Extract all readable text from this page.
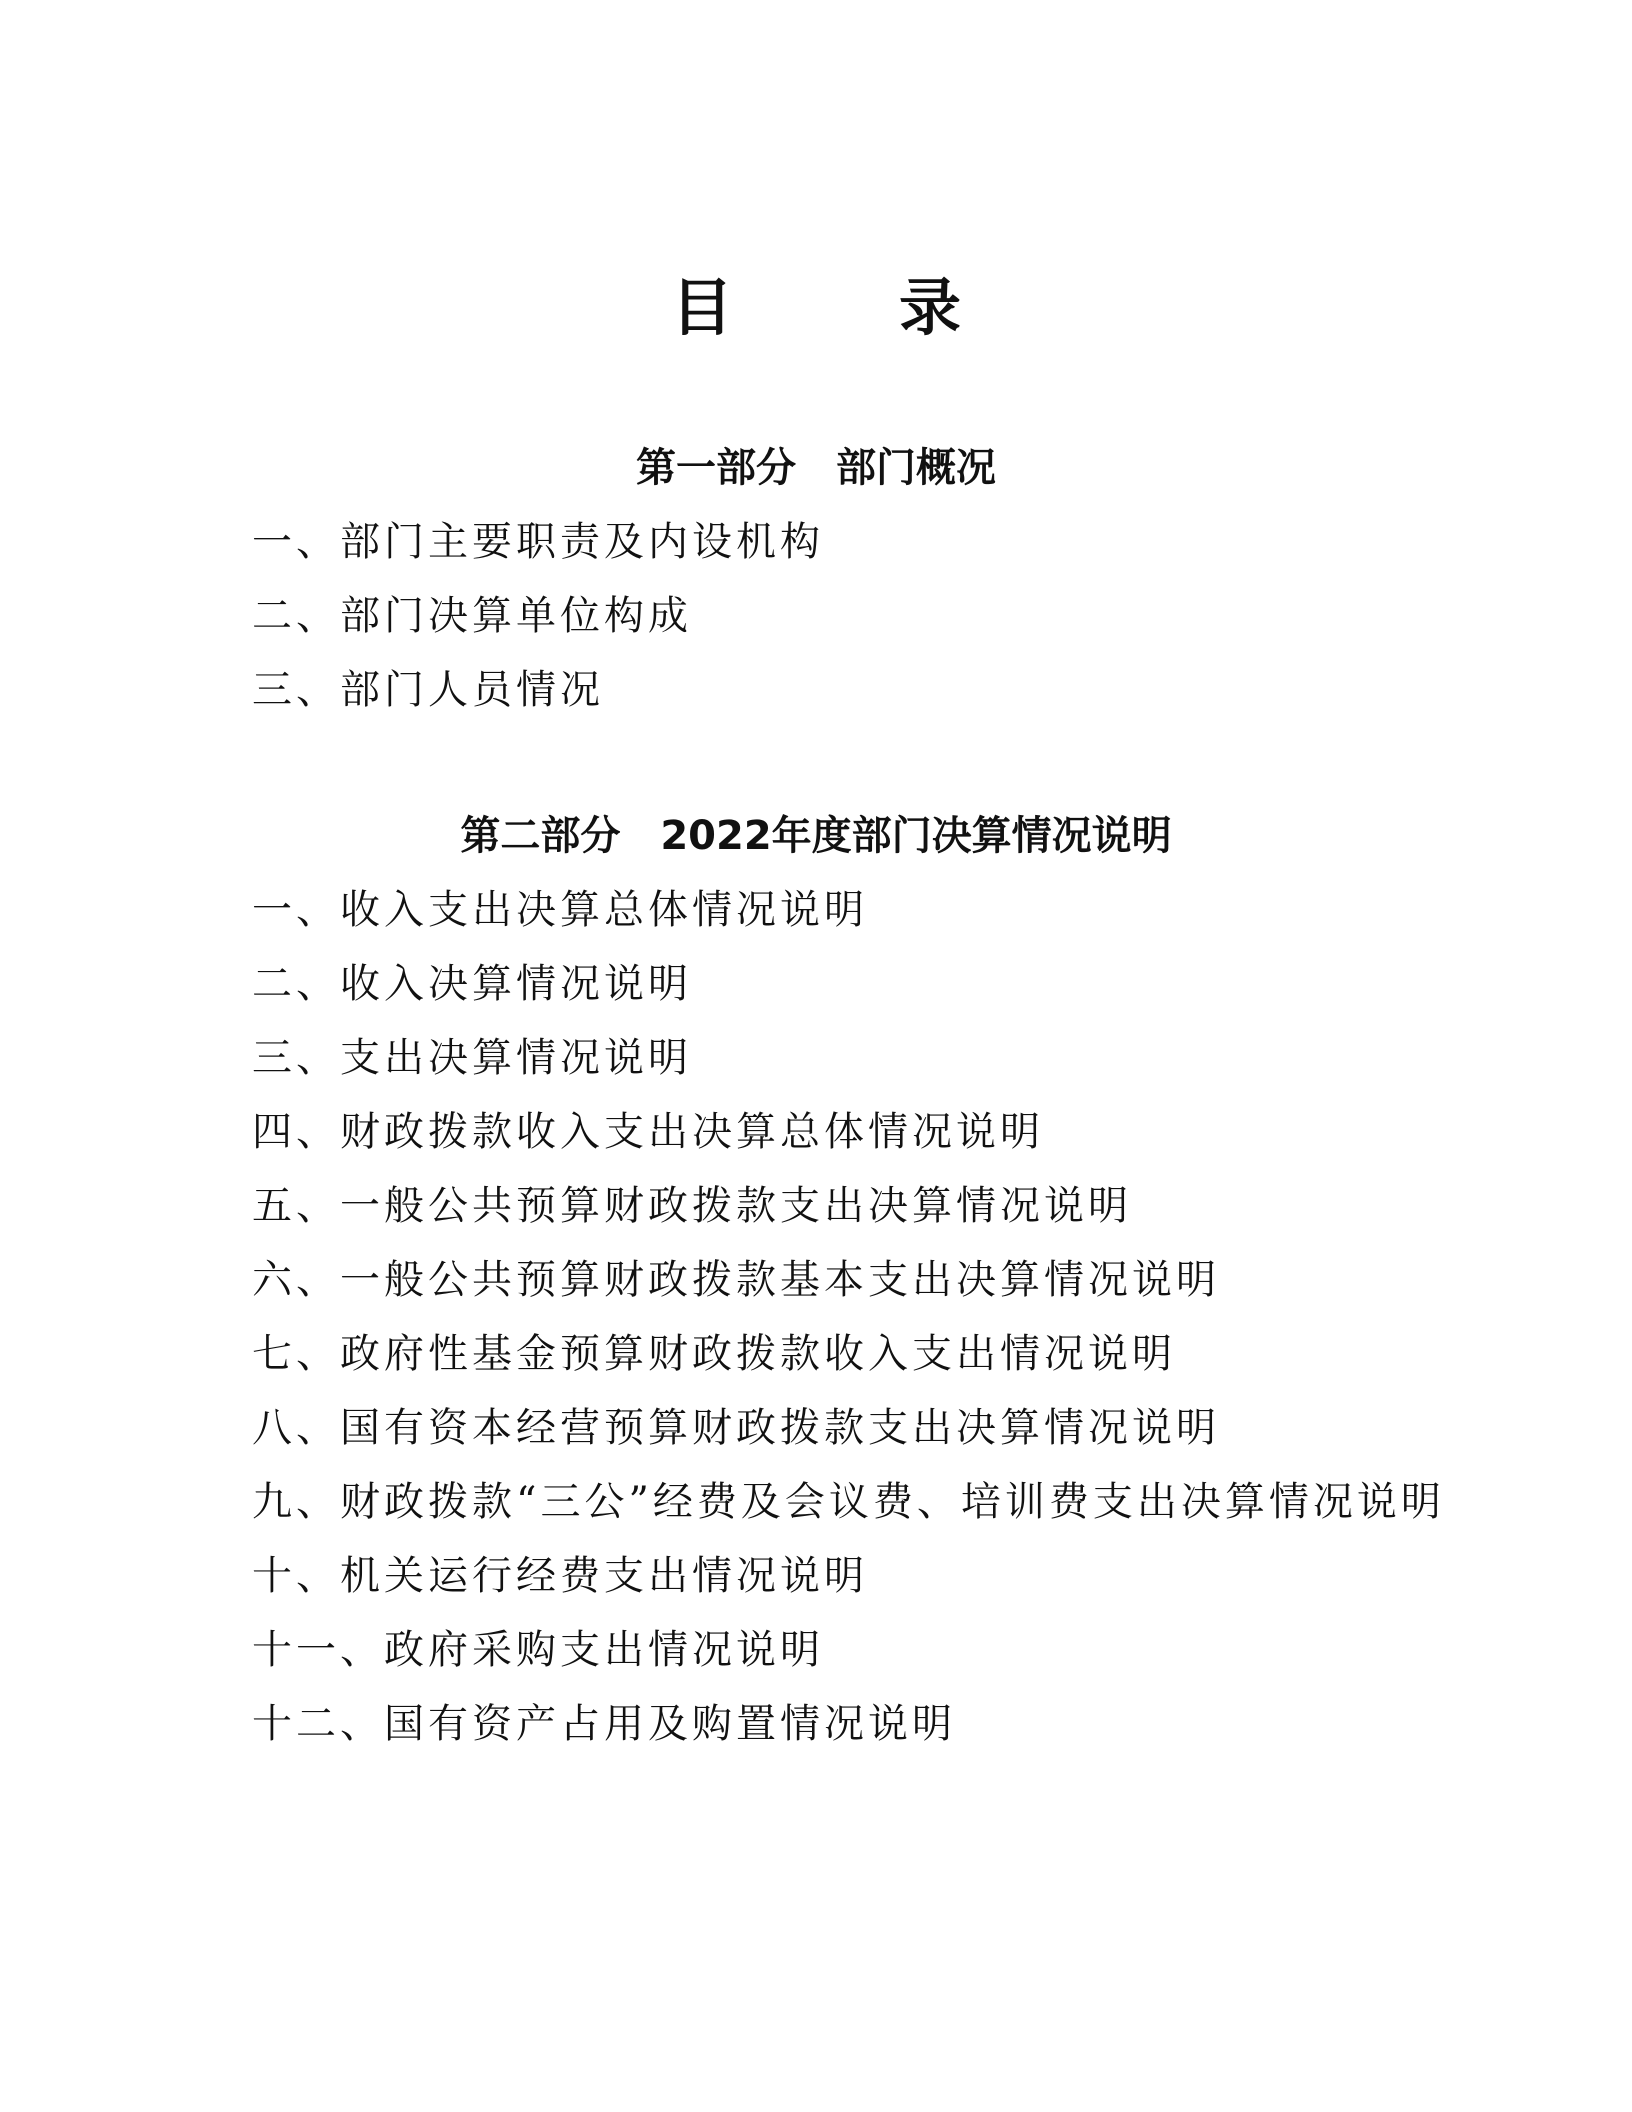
目　录
第一部分　部门概况
一、部门主要职责及内设机构
二、部门决算单位构成
三、部门人员情况
第二部分　2022年度部门决算情况说明
一、收入支出决算总体情况说明
二、收入决算情况说明
三、支出决算情况说明
四、财政拨款收入支出决算总体情况说明
五、一般公共预算财政拨款支出决算情况说明
六、一般公共预算财政拨款基本支出决算情况说明
七、政府性基金预算财政拨款收入支出情况说明
八、国有资本经营预算财政拨款支出决算情况说明
九、财政拨款“三公”经费及会议费、培训费支出决算情况说明
十、机关运行经费支出情况说明
十一、政府采购支出情况说明
十二、国有资产占用及购置情况说明
